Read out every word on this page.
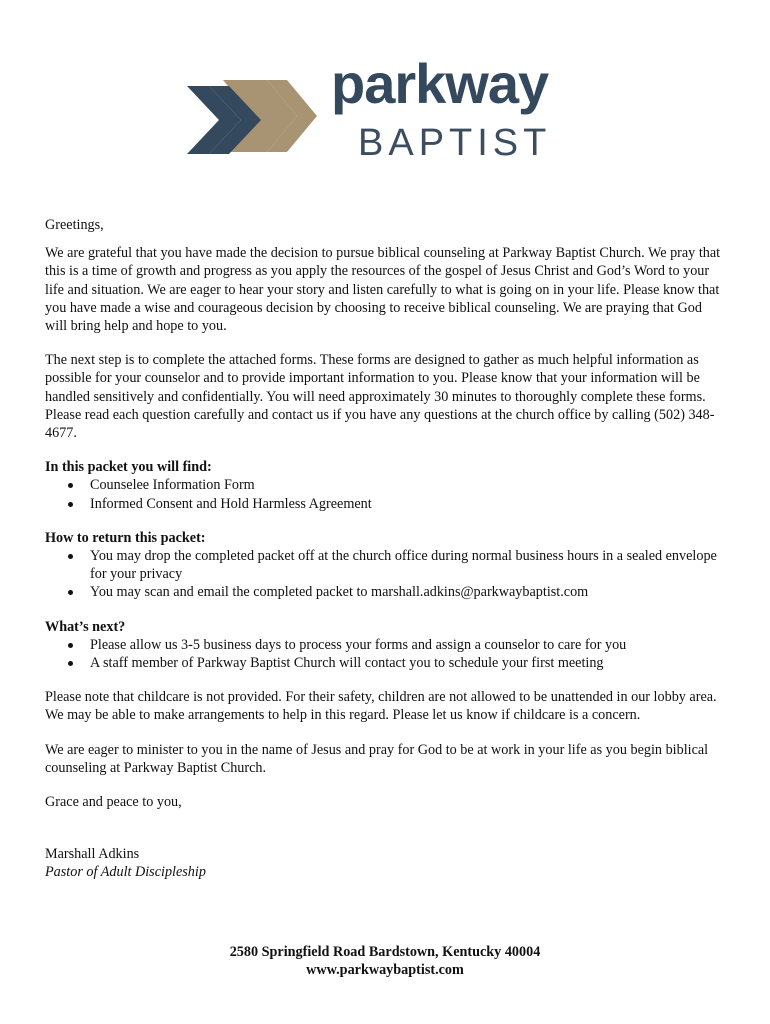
parkway
BAPTIST

Greetings,

We are grateful that you have made the decision to pursue biblical counseling at Parkway Baptist Church. We pray that this is a time of growth and progress as you apply the resources of the gospel of Jesus Christ and God’s Word to your life and situation. We are eager to hear your story and listen carefully to what is going on in your life. Please know that you have made a wise and courageous decision by choosing to receive biblical counseling. We are praying that God will bring help and hope to you.

The next step is to complete the attached forms. These forms are designed to gather as much helpful information as possible for your counselor and to provide important information to you. Please know that your information will be handled sensitively and confidentially. You will need approximately 30 minutes to thoroughly complete these forms. Please read each question carefully and contact us if you have any questions at the church office by calling (502) 348-4677.

In this packet you will find:

Counselee Information Form
Informed Consent and Hold Harmless Agreement

How to return this packet:

You may drop the completed packet off at the church office during normal business hours in a sealed envelope for your privacy
You may scan and email the completed packet to marshall.adkins@parkwaybaptist.com

What’s next?

Please allow us 3-5 business days to process your forms and assign a counselor to care for you
A staff member of Parkway Baptist Church will contact you to schedule your first meeting

Please note that childcare is not provided. For their safety, children are not allowed to be unattended in our lobby area. We may be able to make arrangements to help in this regard. Please let us know if childcare is a concern.

We are eager to minister to you in the name of Jesus and pray for God to be at work in your life as you begin biblical counseling at Parkway Baptist Church.

Grace and peace to you,

Marshall Adkins

Pastor of Adult Discipleship

2580 Springfield Road Bardstown, Kentucky 40004
www.parkwaybaptist.com
